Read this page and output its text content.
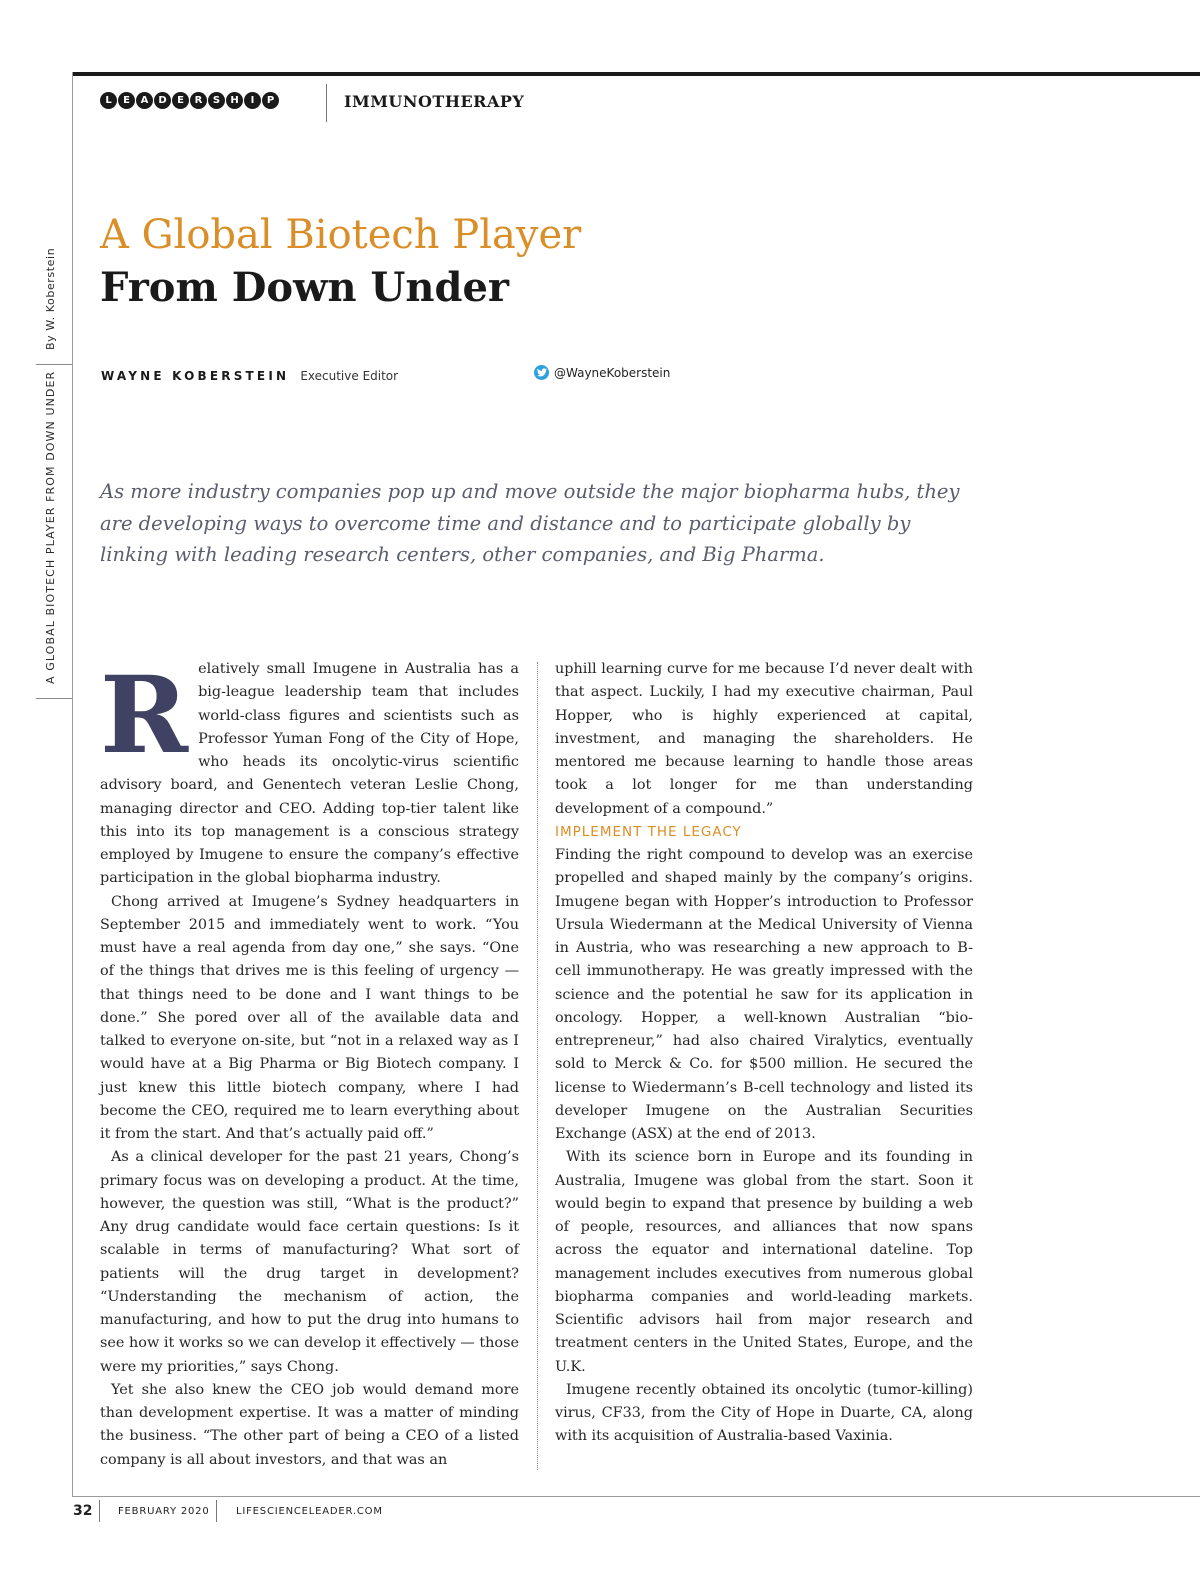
L	E	A D	E	R	S	H	I	P	IMMUNOTHERAPY
By W. Koberstein
A GLOBAL BIOTECH PLAYER FROM DOWN UNDER
A Global Biotech Player
From Down Under
WAYNE KOBERSTEIN Executive Editor	@WayneKoberstein

As more industry companies pop up and move outside the major biopharma hubs, they are developing ways to overcome time and distance and to participate globally by linking with leading research centers, other companies, and Big Pharma.

Relatively small Imugene in Australia has a big-league leadership team that includes world-class figures and scientists such as Professor Yuman Fong of the City of Hope, who heads its oncolytic-virus scientific advisory board, and Genentech veteran Leslie Chong, managing director and CEO. Adding top-tier talent like this into its top management is a conscious strategy employed by Imugene to ensure the company’s effective participation in the global biopharma industry.

Chong arrived at Imugene’s Sydney headquarters in September 2015 and immediately went to work. “You must have a real agenda from day one,” she says. “One of the things that drives me is this feeling of urgency — that things need to be done and I want things to be done.” She pored over all of the available data and talked to everyone on-site, but “not in a relaxed way as I would have at a Big Pharma or Big Biotech company. I just knew this little biotech company, where I had become the CEO, required me to learn everything about it from the start. And that’s actually paid off.”

As a clinical developer for the past 21 years, Chong’s primary focus was on developing a product. At the time, however, the question was still, “What is the product?” Any drug candidate would face certain questions: Is it scalable in terms of manufacturing? What sort of patients will the drug target in development? “Understanding the mechanism of action, the manufacturing, and how to put the drug into humans to see how it works so we can develop it effectively — those were my priorities,” says Chong.

Yet she also knew the CEO job would demand more than development expertise. It was a matter of minding the business. “The other part of being a CEO of a listed company is all about investors, and that was an

uphill learning curve for me because I’d never dealt with that aspect. Luckily, I had my executive chairman, Paul Hopper, who is highly experienced at capital, investment, and managing the shareholders. He mentored me because learning to handle those areas took a lot longer for me than understanding development of a compound.”

IMPLEMENT THE LEGACY

Finding the right compound to develop was an exercise propelled and shaped mainly by the company’s origins. Imugene began with Hopper’s introduction to Professor Ursula Wiedermann at the Medical University of Vienna in Austria, who was researching a new approach to B-cell immunotherapy. He was greatly impressed with the science and the potential he saw for its application in oncology. Hopper, a well-known Australian “bio-entrepreneur,” had also chaired Viralytics, eventually sold to Merck & Co. for $500 million. He secured the license to Wiedermann’s B-cell technology and listed its developer Imugene on the Australian Securities Exchange (ASX) at the end of 2013.

With its science born in Europe and its founding in Australia, Imugene was global from the start. Soon it would begin to expand that presence by building a web of people, resources, and alliances that now spans across the equator and international dateline. Top management includes executives from numerous global biopharma companies and world-leading markets. Scientific advisors hail from major research and treatment centers in the United States, Europe, and the U.K.

Imugene recently obtained its oncolytic (tumor-killing) virus, CF33, from the City of Hope in Duarte, CA, along with its acquisition of Australia-based Vaxinia.

32	FEBRUARY 2020	LIFESCIENCELEADER.COM
